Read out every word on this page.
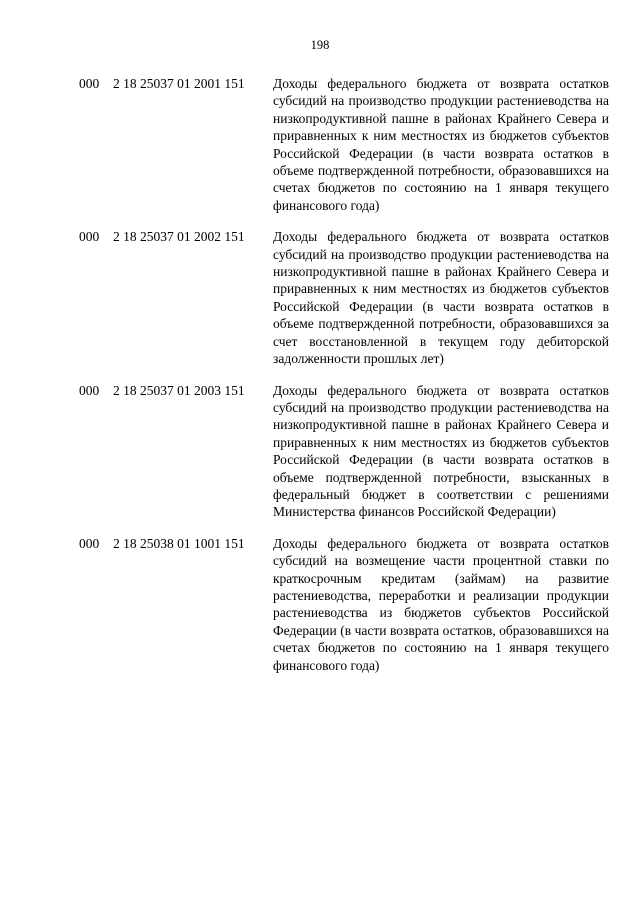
198
000	2 18 25037 01 2001 151	Доходы федерального бюджета от возврата остатков субсидий на производство продукции растениеводства на низкопродуктивной пашне в районах Крайнего Севера и приравненных к ним местностях из бюджетов субъектов Российской Федерации (в части возврата остатков в объеме подтвержденной потребности, образовавшихся на счетах бюджетов по состоянию на 1 января текущего финансового года)
000	2 18 25037 01 2002 151	Доходы федерального бюджета от возврата остатков субсидий на производство продукции растениеводства на низкопродуктивной пашне в районах Крайнего Севера и приравненных к ним местностях из бюджетов субъектов Российской Федерации (в части возврата остатков в объеме подтвержденной потребности, образовавшихся за счет восстановленной в текущем году дебиторской задолженности прошлых лет)
000	2 18 25037 01 2003 151	Доходы федерального бюджета от возврата остатков субсидий на производство продукции растениеводства на низкопродуктивной пашне в районах Крайнего Севера и приравненных к ним местностях из бюджетов субъектов Российской Федерации (в части возврата остатков в объеме подтвержденной потребности, взысканных в федеральный бюджет в соответствии с решениями Министерства финансов Российской Федерации)
000	2 18 25038 01 1001 151	Доходы федерального бюджета от возврата остатков субсидий на возмещение части процентной ставки по краткосрочным кредитам (займам) на развитие растениеводства, переработки и реализации продукции растениеводства из бюджетов субъектов Российской Федерации (в части возврата остатков, образовавшихся на счетах бюджетов по состоянию на 1 января текущего финансового года)
